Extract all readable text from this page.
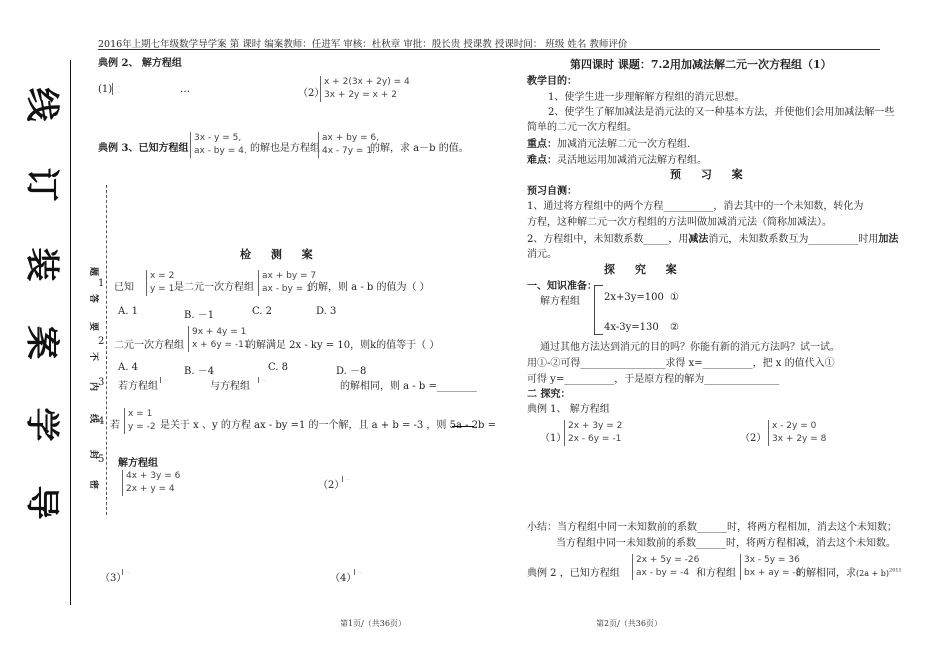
2016年上期七年级数学导学案 第 课时 编案教师：任进军 审核：杜秋章 审批：殷长贵 授课教 授课时间： 班级 姓名 教师评价
线
订
装
案
学
导
题
答
要
不
内
线
封
密
典例 2、 解方程组
(1) …
…	…	（2）
x + 2(3x + 2y) = 4
3x + 2y = x + 2
典例 3、已知方程组
3x - y = 5,
ax - by = 4. 的解也是方程组
ax + by = 6,
4x - 7y = 1.
的解，求 a－b 的值。
检 测 案
1 已知
x = 2
y = 1 是二元一次方程组
ax + by = 7
ax - by = 1
的解，则 a - b 的值为（ ）
A. 1	B. －1	C. 2	D. 3
2 二元一次方程组
9x + 4y = 1
x + 6y = -11
的解满足 2x - ky = 10，则k的值等于（ ）
A. 4	B. －4	C. 8	D. －8
3 若方程组
…
与方程组
…
的解相同，则 a - b =________
4 若
x = 1
y = -2 是关于 x 、y 的方程 ax - by =1 的一个解，且 a + b = -3 ，则 5a - 2b =
5 解方程组
4x + 3y = 6
2x + y = 4	（2）
…
（3）
…
（4）
…
第1页/（共36页）
第四课时 课题：7.2用加减法解二元一次方程组（1）
教学目的：
1、使学生进一步理解解方程组的消元思想。
2、使学生了解加减法是消元法的又一种基本方法，并使他们会用加减法解一些
简单的二元一次方程组。
重点：加减消元法解二元一次方程组.
难点：灵活地运用加减消元法解方程组。
预 习 案
预习自测：
1、通过将方程组中的两个方程__________，消去其中的一个未知数，转化为
方程，这种解二元一次方程组的方法叫做加减消元法（简称加减法）。
2、方程组中，未知数系数_____，用减法消元，未知数系数互为__________时用加法
消元。
探 究 案
一、知识准备：
解方程组 2x+3y=100 ①
4x-3y=130 ②
通过其他方法达到消元的目的吗？你能有新的消元方法吗？试一试。
用①-②可得_________________求得 x=__________，把 x 的值代入①
可得 y=__________，于是原方程的解为_______________
二 探究：
典例 1、 解方程组
（1）
2x + 3y = 2
2x - 6y = -1	（2）
x - 2y = 0
3x + 2y = 8
小结：当方程组中同一未知数前的系数______时，将两方程相加，消去这个未知数；
当方程组中同一未知数前的系数______时，将两方程相减，消去这个未知数。
典例 2 ，已知方程组
2x + 5y = -26
ax - by = -4 和方程组
3x - 5y = 36
bx + ay = -8
的解相同，求$(2a + b)^{2011}$
第2页/（共36页）
